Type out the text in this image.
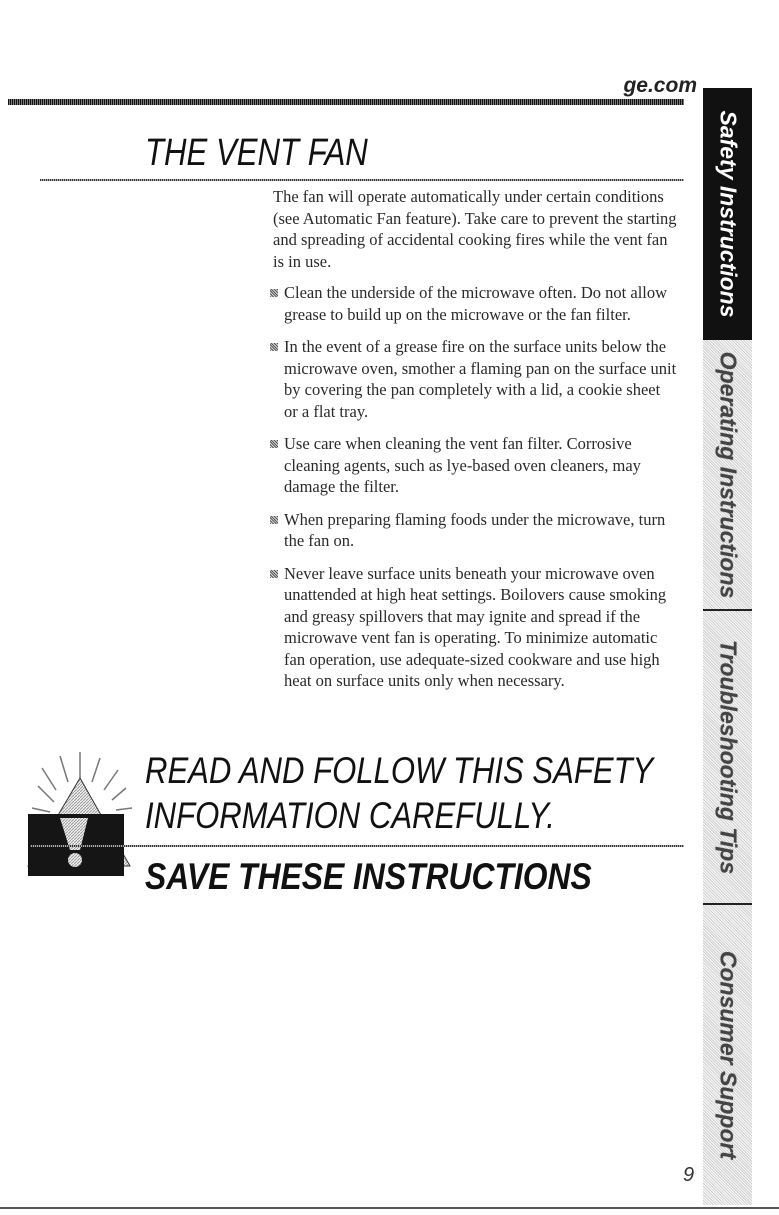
ge.com
THE VENT FAN

The fan will operate automatically under certain conditions (see Automatic Fan feature). Take care to prevent the starting and spreading of accidental cooking fires while the vent fan is in use.

Clean the underside of the microwave often. Do not allow grease to build up on the microwave or the fan filter.
In the event of a grease fire on the surface units below the microwave oven, smother a flaming pan on the surface unit by covering the pan completely with a lid, a cookie sheet or a flat tray.
Use care when cleaning the vent fan filter. Corrosive cleaning agents, such as lye-based oven cleaners, may damage the filter.
When preparing flaming foods under the microwave, turn the fan on.
Never leave surface units beneath your microwave oven unattended at high heat settings. Boilovers cause smoking and greasy spillovers that may ignite and spread if the microwave vent fan is operating. To minimize automatic fan operation, use adequate-sized cookware and use high heat on surface units only when necessary.
READ AND FOLLOW THIS SAFETY
INFORMATION CAREFULLY.
SAVE THESE INSTRUCTIONS
Safety Instructions
Operating Instructions
Troubleshooting Tips
Consumer Support
9
